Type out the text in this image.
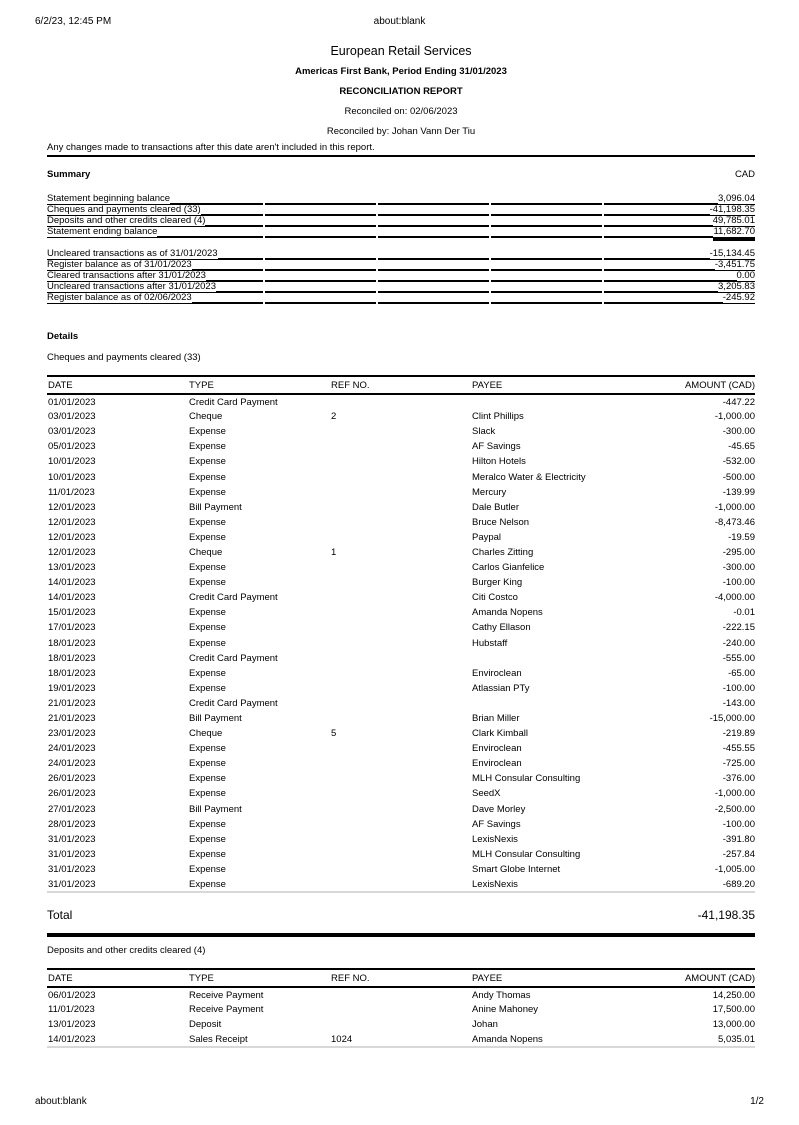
6/2/23, 12:45 PM	about:blank
European Retail Services
Americas First Bank, Period Ending 31/01/2023
RECONCILIATION REPORT
Reconciled on: 02/06/2023
Reconciled by: Johan Vann Der Tiu
Any changes made to transactions after this date aren't included in this report.
Summary	CAD
Statement beginning balance	3,096.04
Cheques and payments cleared (33)	-41,198.35
Deposits and other credits cleared (4)	49,785.01
Statement ending balance	11,682.70
Uncleared transactions as of 31/01/2023	-15,134.45
Register balance as of 31/01/2023	-3,451.75
Cleared transactions after 31/01/2023	0.00
Uncleared transactions after 31/01/2023	3,205.83
Register balance as of 02/06/2023	-245.92
Details
Cheques and payments cleared (33)
DATE	TYPE	REF NO.	PAYEE	AMOUNT (CAD)
01/01/2023	Credit Card Payment			-447.22
03/01/2023	Cheque	2	Clint Phillips	-1,000.00
03/01/2023	Expense		Slack	-300.00
05/01/2023	Expense		AF Savings	-45.65
10/01/2023	Expense		Hilton Hotels	-532.00
10/01/2023	Expense		Meralco Water & Electricity	-500.00
11/01/2023	Expense		Mercury	-139.99
12/01/2023	Bill Payment		Dale Butler	-1,000.00
12/01/2023	Expense		Bruce Nelson	-8,473.46
12/01/2023	Expense		Paypal	-19.59
12/01/2023	Cheque	1	Charles Zitting	-295.00
13/01/2023	Expense		Carlos Gianfelice	-300.00
14/01/2023	Expense		Burger King	-100.00
14/01/2023	Credit Card Payment		Citi Costco	-4,000.00
15/01/2023	Expense		Amanda Nopens	-0.01
17/01/2023	Expense		Cathy Ellason	-222.15
18/01/2023	Expense		Hubstaff	-240.00
18/01/2023	Credit Card Payment			-555.00
18/01/2023	Expense		Enviroclean	-65.00
19/01/2023	Expense		Atlassian PTy	-100.00
21/01/2023	Credit Card Payment			-143.00
21/01/2023	Bill Payment		Brian Miller	-15,000.00
23/01/2023	Cheque	5	Clark Kimball	-219.89
24/01/2023	Expense		Enviroclean	-455.55
24/01/2023	Expense		Enviroclean	-725.00
26/01/2023	Expense		MLH Consular Consulting	-376.00
26/01/2023	Expense		SeedX	-1,000.00
27/01/2023	Bill Payment		Dave Morley	-2,500.00
28/01/2023	Expense		AF Savings	-100.00
31/01/2023	Expense		LexisNexis	-391.80
31/01/2023	Expense		MLH Consular Consulting	-257.84
31/01/2023	Expense		Smart Globe Internet	-1,005.00
31/01/2023	Expense		LexisNexis	-689.20
Total	-41,198.35
Deposits and other credits cleared (4)
DATE	TYPE	REF NO.	PAYEE	AMOUNT (CAD)
06/01/2023	Receive Payment		Andy Thomas	14,250.00
11/01/2023	Receive Payment		Anine Mahoney	17,500.00
13/01/2023	Deposit		Johan	13,000.00
14/01/2023	Sales Receipt	1024	Amanda Nopens	5,035.01
about:blank	1/2
